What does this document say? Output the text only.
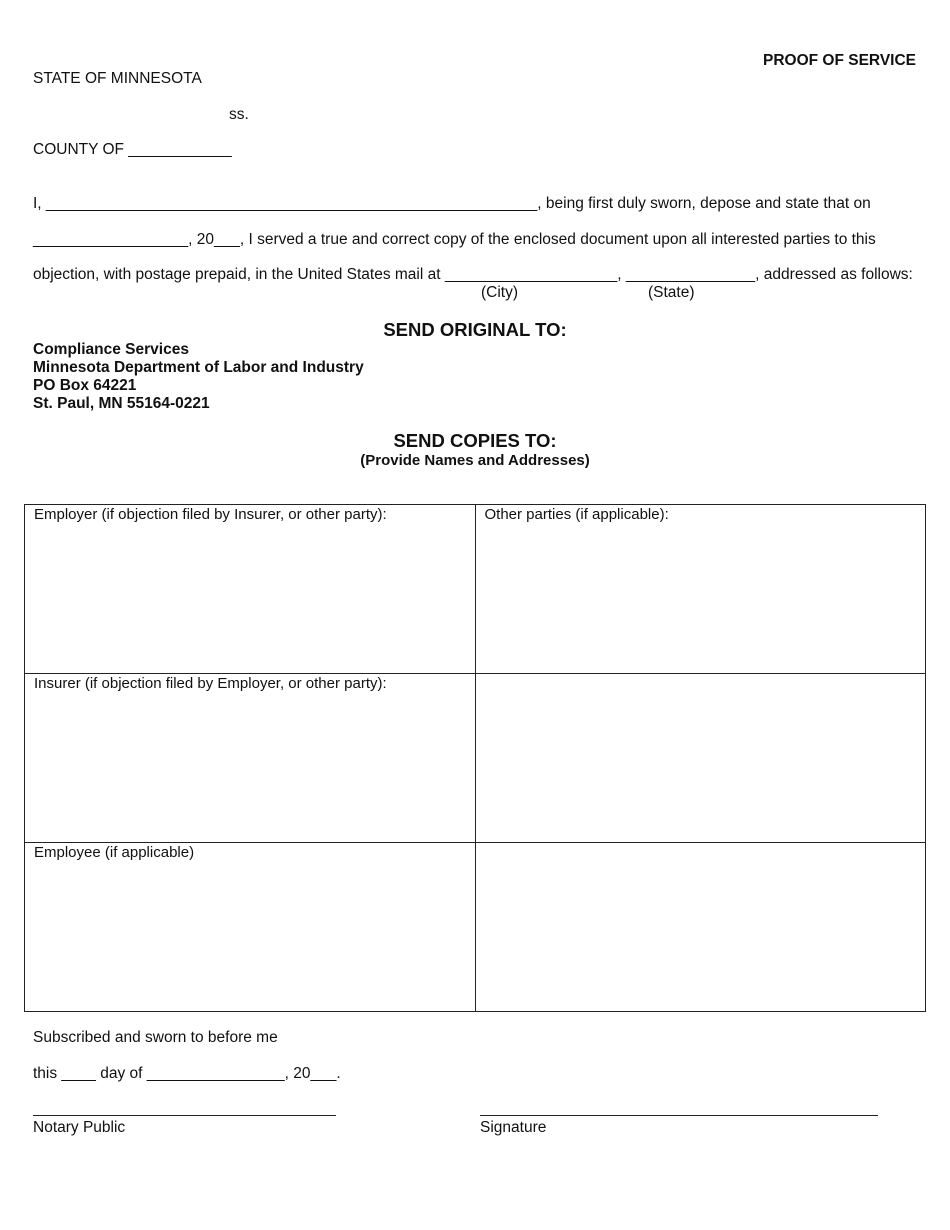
PROOF OF SERVICE
STATE OF MINNESOTA
ss.
COUNTY OF ____________
I, _________________________________________________________, being first duly sworn, depose and state that on
__________________, 20___, I served a true and correct copy of the enclosed document upon all interested parties to this
objection, with postage prepaid, in the United States mail at ____________________, _______________, addressed as follows:
(City)	(State)
SEND ORIGINAL TO:
Compliance Services
Minnesota Department of Labor and Industry
PO Box 64221
St. Paul, MN 55164-0221
SEND COPIES TO:
(Provide Names and Addresses)
Employer (if objection filed by Insurer, or other party):	Other parties (if applicable):
Insurer (if objection filed by Employer, or other party):	
Employee (if applicable)	
Subscribed and sworn to before me
this ____ day of ________________, 20___.
Notary Public	Signature
